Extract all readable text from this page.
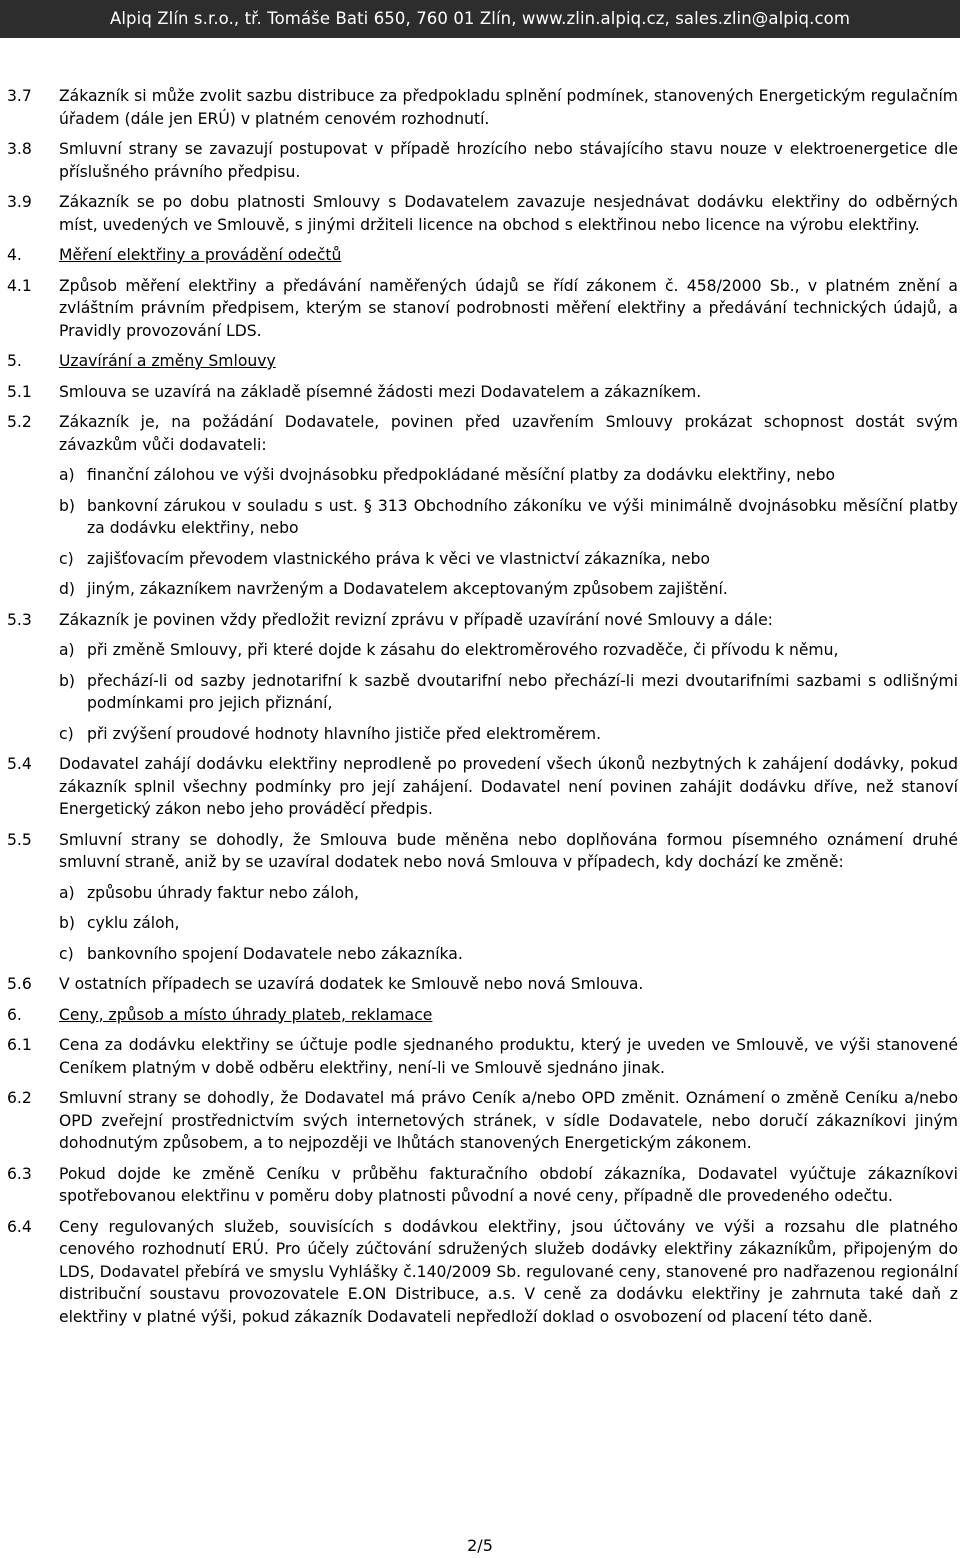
Alpiq Zlín s.r.o., tř. Tomáše Bati 650, 760 01 Zlín, www.zlin.alpiq.cz, sales.zlin@alpiq.com
3.7	Zákazník si může zvolit sazbu distribuce za předpokladu splnění podmínek, stanovených Energetickým regulačním úřadem (dále jen ERÚ) v platném cenovém rozhodnutí.
3.8	Smluvní strany se zavazují postupovat v případě hrozícího nebo stávajícího stavu nouze v elektroenergetice dle příslušného právního předpisu.
3.9	Zákazník se po dobu platnosti Smlouvy s Dodavatelem zavazuje nesjednávat dodávku elektřiny do odběrných míst, uvedených ve Smlouvě, s jinými držiteli licence na obchod s elektřinou nebo licence na výrobu elektřiny.
4.	Měření elektřiny a provádění odečtů
4.1	Způsob měření elektřiny a předávání naměřených údajů se řídí zákonem č. 458/2000 Sb., v platném znění a zvláštním právním předpisem, kterým se stanoví podrobnosti měření elektřiny a předávání technických údajů, a Pravidly provozování LDS.
5.	Uzavírání a změny Smlouvy
5.1	Smlouva se uzavírá na základě písemné žádosti mezi Dodavatelem a zákazníkem.
5.2	Zákazník je, na požádání Dodavatele, povinen před uzavřením Smlouvy prokázat schopnost dostát svým závazkům vůči dodavateli:
a) finanční zálohou ve výši dvojnásobku předpokládané měsíční platby za dodávku elektřiny, nebo
b) bankovní zárukou v souladu s ust. § 313 Obchodního zákoníku ve výši minimálně dvojnásobku měsíční platby za dodávku elektřiny, nebo
c) zajišťovacím převodem vlastnického práva k věci ve vlastnictví zákazníka, nebo
d) jiným, zákazníkem navrženým a Dodavatelem akceptovaným způsobem zajištění.
5.3	Zákazník je povinen vždy předložit revizní zprávu v případě uzavírání nové Smlouvy a dále:
a) při změně Smlouvy, při které dojde k zásahu do elektroměrového rozvaděče, či přívodu k němu,
b) přechází-li od sazby jednotarifní k sazbě dvoutarifní nebo přechází-li mezi dvoutarifními sazbami s odlišnými podmínkami pro jejich přiznání,
c) při zvýšení proudové hodnoty hlavního jističe před elektroměrem.
5.4	Dodavatel zahájí dodávku elektřiny neprodleně po provedení všech úkonů nezbytných k zahájení dodávky, pokud zákazník splnil všechny podmínky pro její zahájení. Dodavatel není povinen zahájit dodávku dříve, než stanoví Energetický zákon nebo jeho prováděcí předpis.
5.5	Smluvní strany se dohodly, že Smlouva bude měněna nebo doplňována formou písemného oznámení druhé smluvní straně, aniž by se uzavíral dodatek nebo nová Smlouva v případech, kdy dochází ke změně:
a) způsobu úhrady faktur nebo záloh,
b) cyklu záloh,
c) bankovního spojení Dodavatele nebo zákazníka.
5.6	V ostatních případech se uzavírá dodatek ke Smlouvě nebo nová Smlouva.
6.	Ceny, způsob a místo úhrady plateb, reklamace
6.1	Cena za dodávku elektřiny se účtuje podle sjednaného produktu, který je uveden ve Smlouvě, ve výši stanovené Ceníkem platným v době odběru elektřiny, není-li ve Smlouvě sjednáno jinak.
6.2	Smluvní strany se dohodly, že Dodavatel má právo Ceník a/nebo OPD změnit. Oznámení o změně Ceníku a/nebo OPD zveřejní prostřednictvím svých internetových stránek, v sídle Dodavatele, nebo doručí zákazníkovi jiným dohodnutým způsobem, a to nejpozději ve lhůtách stanovených Energetickým zákonem.
6.3	Pokud dojde ke změně Ceníku v průběhu fakturačního období zákazníka, Dodavatel vyúčtuje zákazníkovi spotřebovanou elektřinu v poměru doby platnosti původní a nové ceny, případně dle provedeného odečtu.
6.4	Ceny regulovaných služeb, souvisících s dodávkou elektřiny, jsou účtovány ve výši a rozsahu dle platného cenového rozhodnutí ERÚ. Pro účely zúčtování sdružených služeb dodávky elektřiny zákazníkům, připojeným do LDS, Dodavatel přebírá ve smyslu Vyhlášky č.140/2009 Sb. regulované ceny, stanovené pro nadřazenou regionální distribuční soustavu provozovatele E.ON Distribuce, a.s. V ceně za dodávku elektřiny je zahrnuta také daň z elektřiny v platné výši, pokud zákazník Dodavateli nepředloží doklad o osvobození od placení této daně.
2/5
